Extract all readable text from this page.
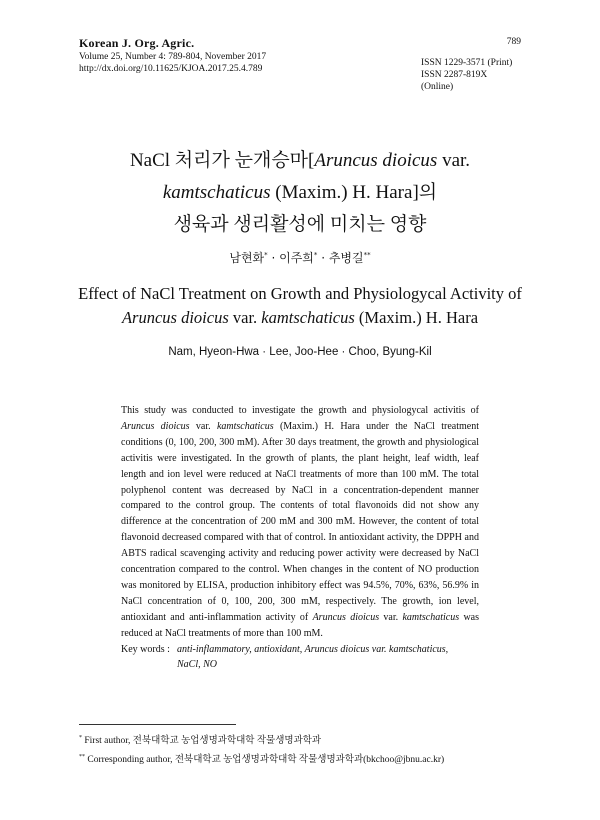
Korean J. Org. Agric.
Volume 25, Number 4: 789-804, November 2017
http://dx.doi.org/10.11625/KJOA.2017.25.4.789
789
ISSN 1229-3571 (Print)
ISSN 2287-819X (Online)
NaCl 처리가 눈개승마[Aruncus dioicus var.
kamtschaticus (Maxim.) H. Hara]의
생육과 생리활성에 미치는 영향
남현화* · 이주희* · 추병길**
Effect of NaCl Treatment on Growth and Physiologycal Activity of
Aruncus dioicus var. kamtschaticus (Maxim.) H. Hara
Nam, Hyeon-Hwa · Lee, Joo-Hee · Choo, Byung-Kil
This study was conducted to investigate the growth and physiologycal activitis of Aruncus dioicus var. kamtschaticus (Maxim.) H. Hara under the NaCl treatment conditions (0, 100, 200, 300 mM). After 30 days treatment, the growth and physiological activitis were investigated. In the growth of plants, the plant height, leaf width, leaf length and ion level were reduced at NaCl treatments of more than 100 mM. The total polyphenol content was decreased by NaCl in a concentration-dependent manner compared to the control group. The contents of total flavonoids did not show any difference at the concentration of 200 mM and 300 mM. However, the content of total flavonoid decreased compared with that of control. In antioxidant activity, the DPPH and ABTS radical scavenging activity and reducing power activity were decreased by NaCl concentration compared to the control. When changes in the content of NO production was monitored by ELISA, production inhibitory effect was 94.5%, 70%, 63%, 56.9% in NaCl concentration of 0, 100, 200, 300 mM, respectively. The growth, ion level, antioxidant and anti-inflammation activity of Aruncus dioicus var. kamtschaticus was reduced at NaCl treatments of more than 100 mM.
Key words : anti-inflammatory, antioxidant, Aruncus dioicus var. kamtschaticus,
NaCl, NO
* First author, 전북대학교 농업생명과학대학 작물생명과학과
** Corresponding author, 전북대학교 농업생명과학대학 작물생명과학과(bkchoo@jbnu.ac.kr)
